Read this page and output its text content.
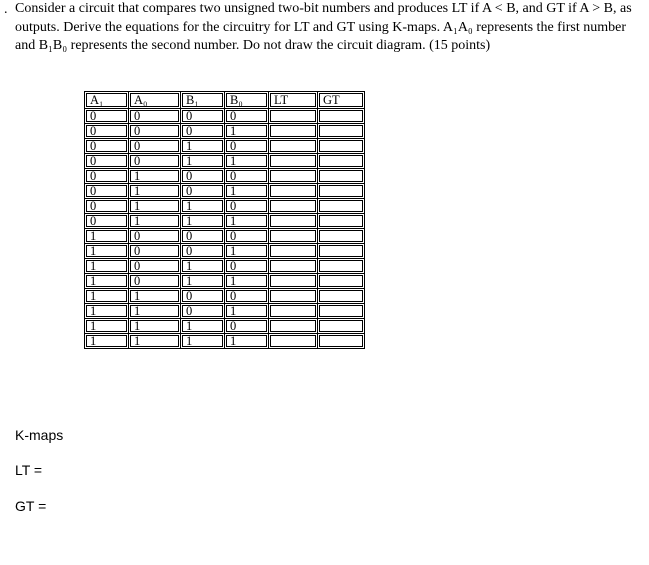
. Consider a circuit that compares two unsigned two-bit numbers and produces LT if A < B, and GT if A > B, as outputs. Derive the equations for the circuitry for LT and GT using K-maps. A₁A₀ represents the first number and B₁B₀ represents the second number. Do not draw the circuit diagram. (15 points)

A₁	A₀	B₁	B₀	LT	GT
0	0	0	0		
0	0	0	1		
0	0	1	0		
0	0	1	1		
0	1	0	0		
0	1	0	1		
0	1	1	0		
0	1	1	1		
1	0	0	0		
1	0	0	1		
1	0	1	0		
1	0	1	1		
1	1	0	0		
1	1	0	1		
1	1	1	0		
1	1	1	1		
K-maps
LT =
GT =
